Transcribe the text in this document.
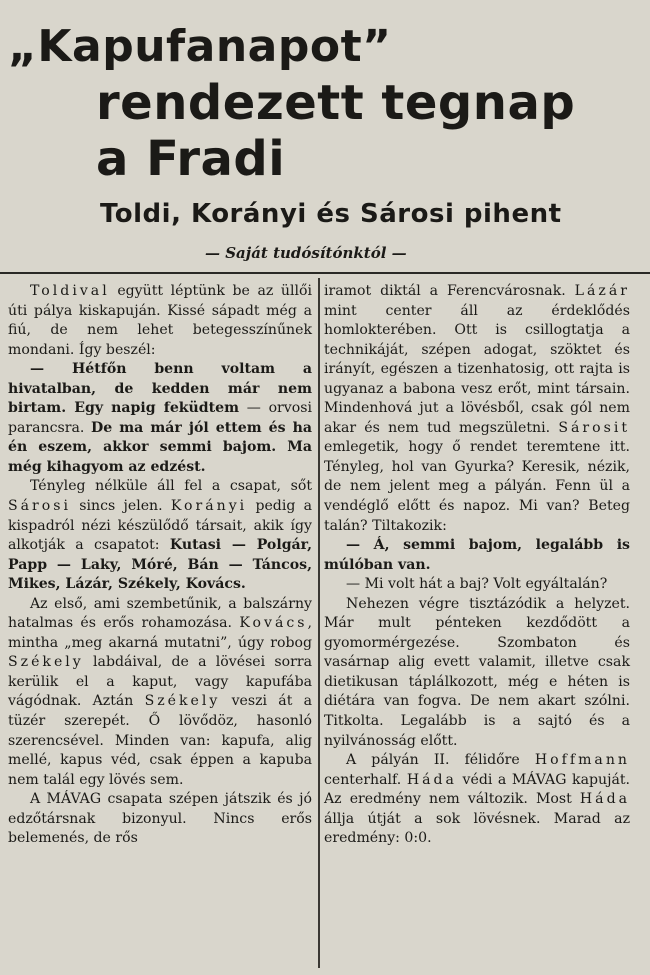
„Kapufanapot”
rendezett tegnap
a Fradi
Toldi, Korányi és Sárosi pihent
— Saját tudósítónktól —

Toldival együtt léptünk be az üllői úti pálya kiskapuján. Kissé sápadt még a fiú, de nem lehet betegesszínűnek mondani. Így beszél:

— Hétfőn benn voltam a hivatalban, de kedden már nem birtam. Egy napig feküdtem — orvosi parancsra. De ma már jól ettem és ha én eszem, akkor semmi bajom. Ma még kihagyom az edzést.

Tényleg nélküle áll fel a csapat, sőt Sárosi sincs jelen. Korányi pedig a kispadról nézi készülődő társait, akik így alkotják a csapatot: Kutasi — Polgár, Papp — Laky, Móré, Bán — Táncos, Mikes, Lázár, Székely, Kovács.

Az első, ami szembetűnik, a balszárny hatalmas és erős rohamozása. Kovács, mintha „meg akarná mutatni”, úgy robog Székely labdáival, de a lövései sorra kerülik el a kaput, vagy kapufába vágódnak. Aztán Székely veszi át a tüzér szerepét. Ő lövődöz, hasonló szerencsével. Minden van: kapufa, alig mellé, kapus véd, csak éppen a kapuba nem talál egy lövés sem.

A MÁVAG csapata szépen játszik és jó edzőtársnak bizonyul. Nincs erős belemenés, de rős

iramot diktál a Ferencvárosnak. Lázár mint center áll az érdeklődés homlokterében. Ott is csillogtatja a technikáját, szépen adogat, szöktet és irányít, egészen a tizenhatosig, ott rajta is ugyanaz a babona vesz erőt, mint társain. Mindenhová jut a lövésből, csak gól nem akar és nem tud megszületni. Sárosit emlegetik, hogy ő rendet teremtene itt. Tényleg, hol van Gyurka? Keresik, nézik, de nem jelent meg a pályán. Fenn ül a vendéglő előtt és napoz. Mi van? Beteg talán? Tiltakozik:

— Á, semmi bajom, legalább is múlóban van.

— Mi volt hát a baj? Volt egyáltalán?

Nehezen végre tisztázódik a helyzet. Már mult pénteken kezdődött a gyomormérgezése. Szombaton és vasárnap alig evett valamit, illetve csak dietikusan táplálkozott, még e héten is diétára van fogva. De nem akart szólni. Titkolta. Legalább is a sajtó és a nyilvánosság előtt.

A pályán II. félidőre Hoffmann centerhalf. Háda védi a MÁVAG kapuját. Az eredmény nem változik. Most Háda állja útját a sok lövésnek. Marad az eredmény: 0:0.
